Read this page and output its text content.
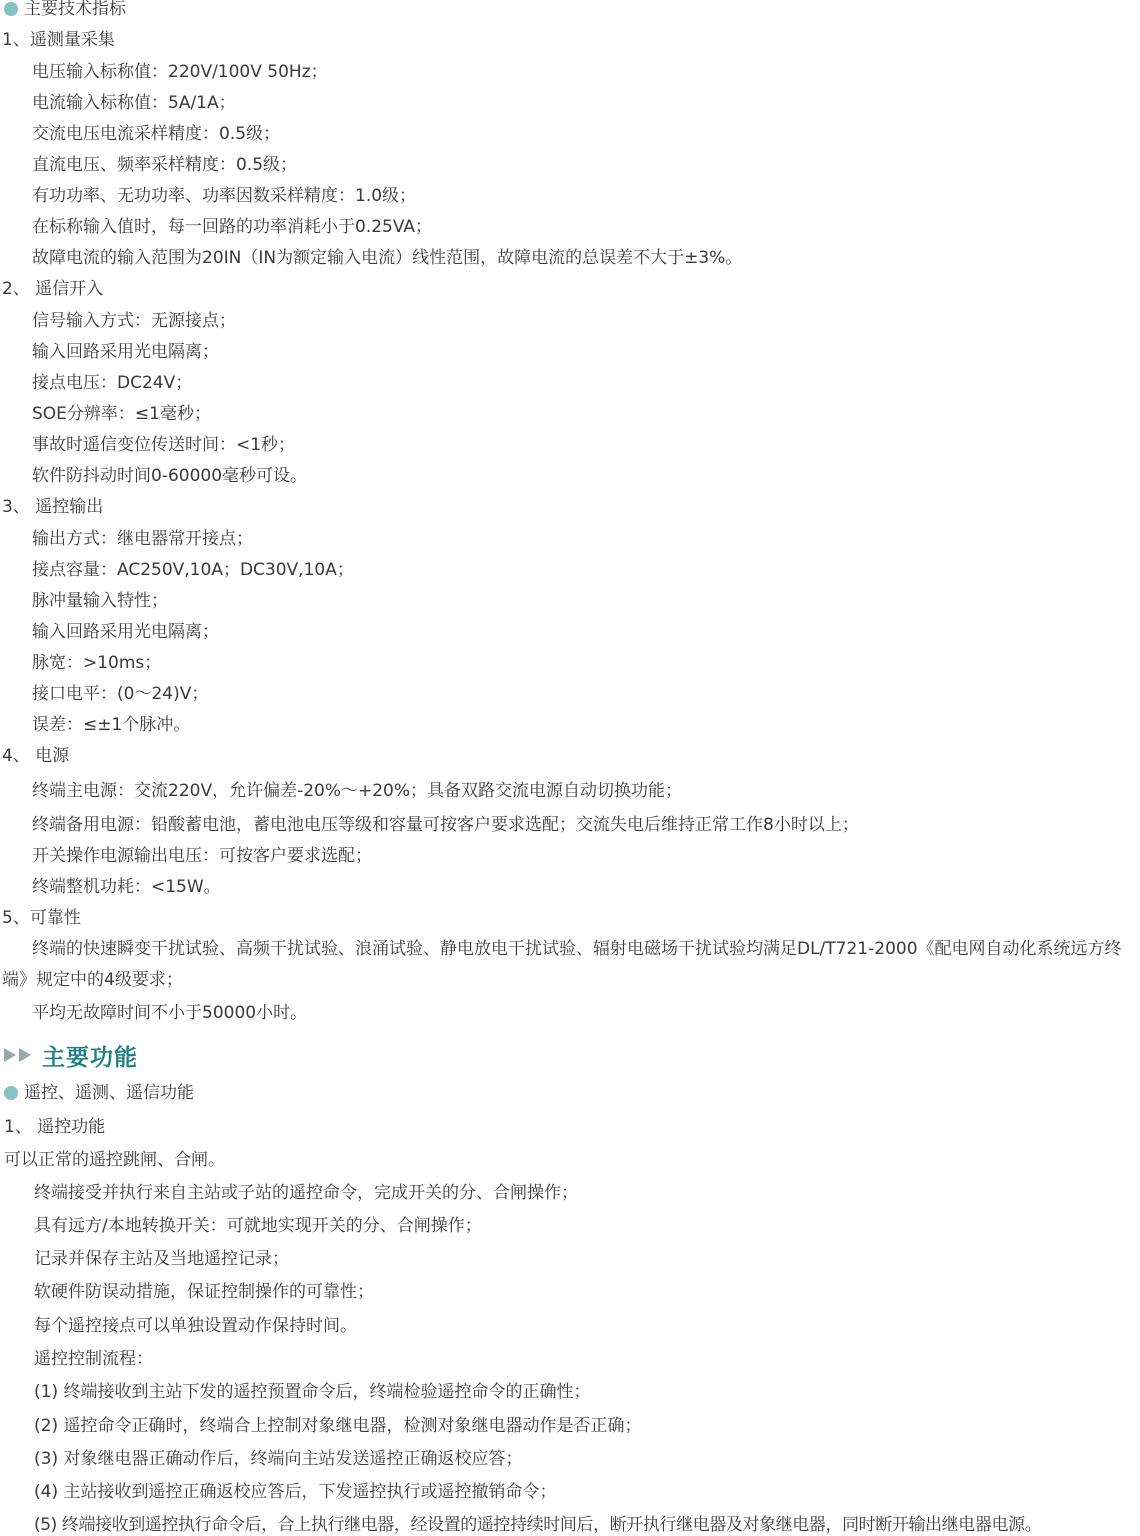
主要技术指标
1、遥测量采集
电压输入标称值：220V/100V 50Hz；
电流输入标称值：5A/1A；
交流电压电流采样精度：0.5级；
直流电压、频率采样精度：0.5级；
有功功率、无功功率、功率因数采样精度：1.0级；
在标称输入值时，每一回路的功率消耗小于0.25VA；
故障电流的输入范围为20IN（IN为额定输入电流）线性范围，故障电流的总误差不大于±3%。
2、 遥信开入
信号输入方式：无源接点；
输入回路采用光电隔离；
接点电压：DC24V；
SOE分辨率：≤1毫秒；
事故时遥信变位传送时间：<1秒；
软件防抖动时间0-60000毫秒可设。
3、 遥控输出
输出方式：继电器常开接点；
接点容量：AC250V,10A；DC30V,10A；
脉冲量输入特性；
输入回路采用光电隔离；
脉宽：>10ms；
接口电平：(0～24)V；
误差：≤±1个脉冲。
4、 电源
终端主电源：交流220V，允许偏差-20%～+20%；具备双路交流电源自动切换功能；
终端备用电源：铅酸蓄电池，蓄电池电压等级和容量可按客户要求选配；交流失电后维持正常工作8小时以上；
开关操作电源输出电压：可按客户要求选配；
终端整机功耗：<15W。
5、可靠性
终端的快速瞬变干扰试验、高频干扰试验、浪涌试验、静电放电干扰试验、辐射电磁场干扰试验均满足DL/T721-2000《配电网自动化系统远方终端》规定中的4级要求；
平均无故障时间不小于50000小时。
主要功能
遥控、遥测、遥信功能
1、 遥控功能
可以正常的遥控跳闸、合闸。
终端接受并执行来自主站或子站的遥控命令，完成开关的分、合闸操作；
具有远方/本地转换开关：可就地实现开关的分、合闸操作；
记录并保存主站及当地遥控记录；
软硬件防误动措施，保证控制操作的可靠性；
每个遥控接点可以单独设置动作保持时间。
遥控控制流程：
(1) 终端接收到主站下发的遥控预置命令后，终端检验遥控命令的正确性；
(2) 遥控命令正确时，终端合上控制对象继电器，检测对象继电器动作是否正确；
(3) 对象继电器正确动作后，终端向主站发送遥控正确返校应答；
(4) 主站接收到遥控正确返校应答后，下发遥控执行或遥控撤销命令；
(5) 终端接收到遥控执行命令后，合上执行继电器，经设置的遥控持续时间后，断开执行继电器及对象继电器，同时断开输出继电器电源。
